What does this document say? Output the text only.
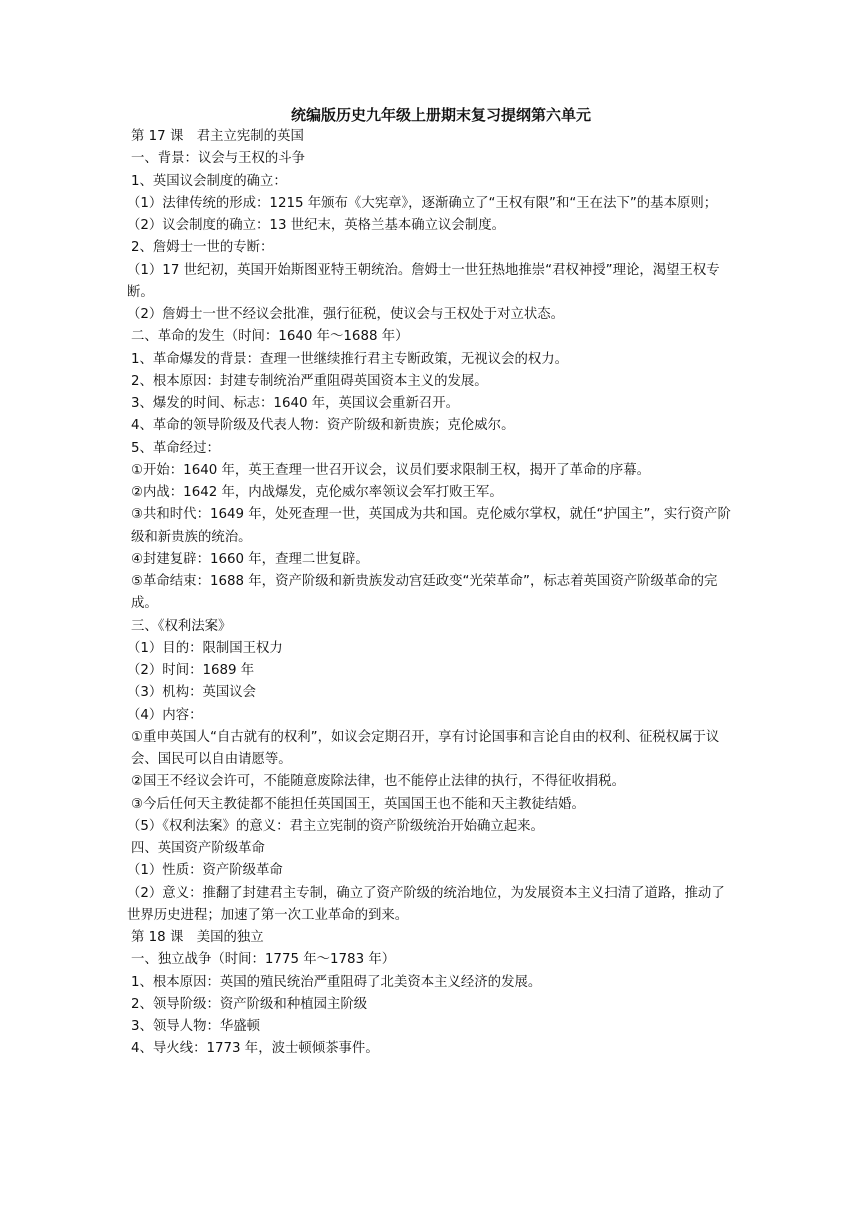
统编版历史九年级上册期末复习提纲第六单元
第 17 课　君主立宪制的英国
一、背景：议会与王权的斗争
1、英国议会制度的确立：
（1）法律传统的形成：1215 年颁布《大宪章》，逐渐确立了“王权有限”和“王在法下”的基本原则；
（2）议会制度的确立：13 世纪末，英格兰基本确立议会制度。
2、詹姆士一世的专断：
（1）17 世纪初，英国开始斯图亚特王朝统治。詹姆士一世狂热地推崇“君权神授”理论，渴望王权专断。
（2）詹姆士一世不经议会批准，强行征税，使议会与王权处于对立状态。
二、革命的发生（时间：1640 年～1688 年）
1、革命爆发的背景：查理一世继续推行君主专断政策，无视议会的权力。
2、根本原因：封建专制统治严重阻碍英国资本主义的发展。
3、爆发的时间、标志：1640 年，英国议会重新召开。
4、革命的领导阶级及代表人物：资产阶级和新贵族；克伦威尔。
5、革命经过：
①开始：1640 年，英王查理一世召开议会，议员们要求限制王权，揭开了革命的序幕。
②内战：1642 年，内战爆发，克伦威尔率领议会军打败王军。
③共和时代：1649 年，处死查理一世，英国成为共和国。克伦威尔掌权，就任“护国主”，实行资产阶级和新贵族的统治。
④封建复辟：1660 年，查理二世复辟。
⑤革命结束：1688 年，资产阶级和新贵族发动宫廷政变“光荣革命”，标志着英国资产阶级革命的完成。
三、《权利法案》
（1）目的：限制国王权力
（2）时间：1689 年
（3）机构：英国议会
（4）内容：
①重申英国人“自古就有的权利”，如议会定期召开，享有讨论国事和言论自由的权利、征税权属于议会、国民可以自由请愿等。
②国王不经议会许可，不能随意废除法律，也不能停止法律的执行，不得征收捐税。
③今后任何天主教徒都不能担任英国国王，英国国王也不能和天主教徒结婚。
（5）《权利法案》的意义：君主立宪制的资产阶级统治开始确立起来。
四、英国资产阶级革命
（1）性质：资产阶级革命
（2）意义：推翻了封建君主专制，确立了资产阶级的统治地位，为发展资本主义扫清了道路，推动了世界历史进程；加速了第一次工业革命的到来。
第 18 课　美国的独立
一、独立战争（时间：1775 年～1783 年）
1、根本原因：英国的殖民统治严重阻碍了北美资本主义经济的发展。
2、领导阶级：资产阶级和种植园主阶级
3、领导人物：华盛顿
4、导火线：1773 年，波士顿倾茶事件。
